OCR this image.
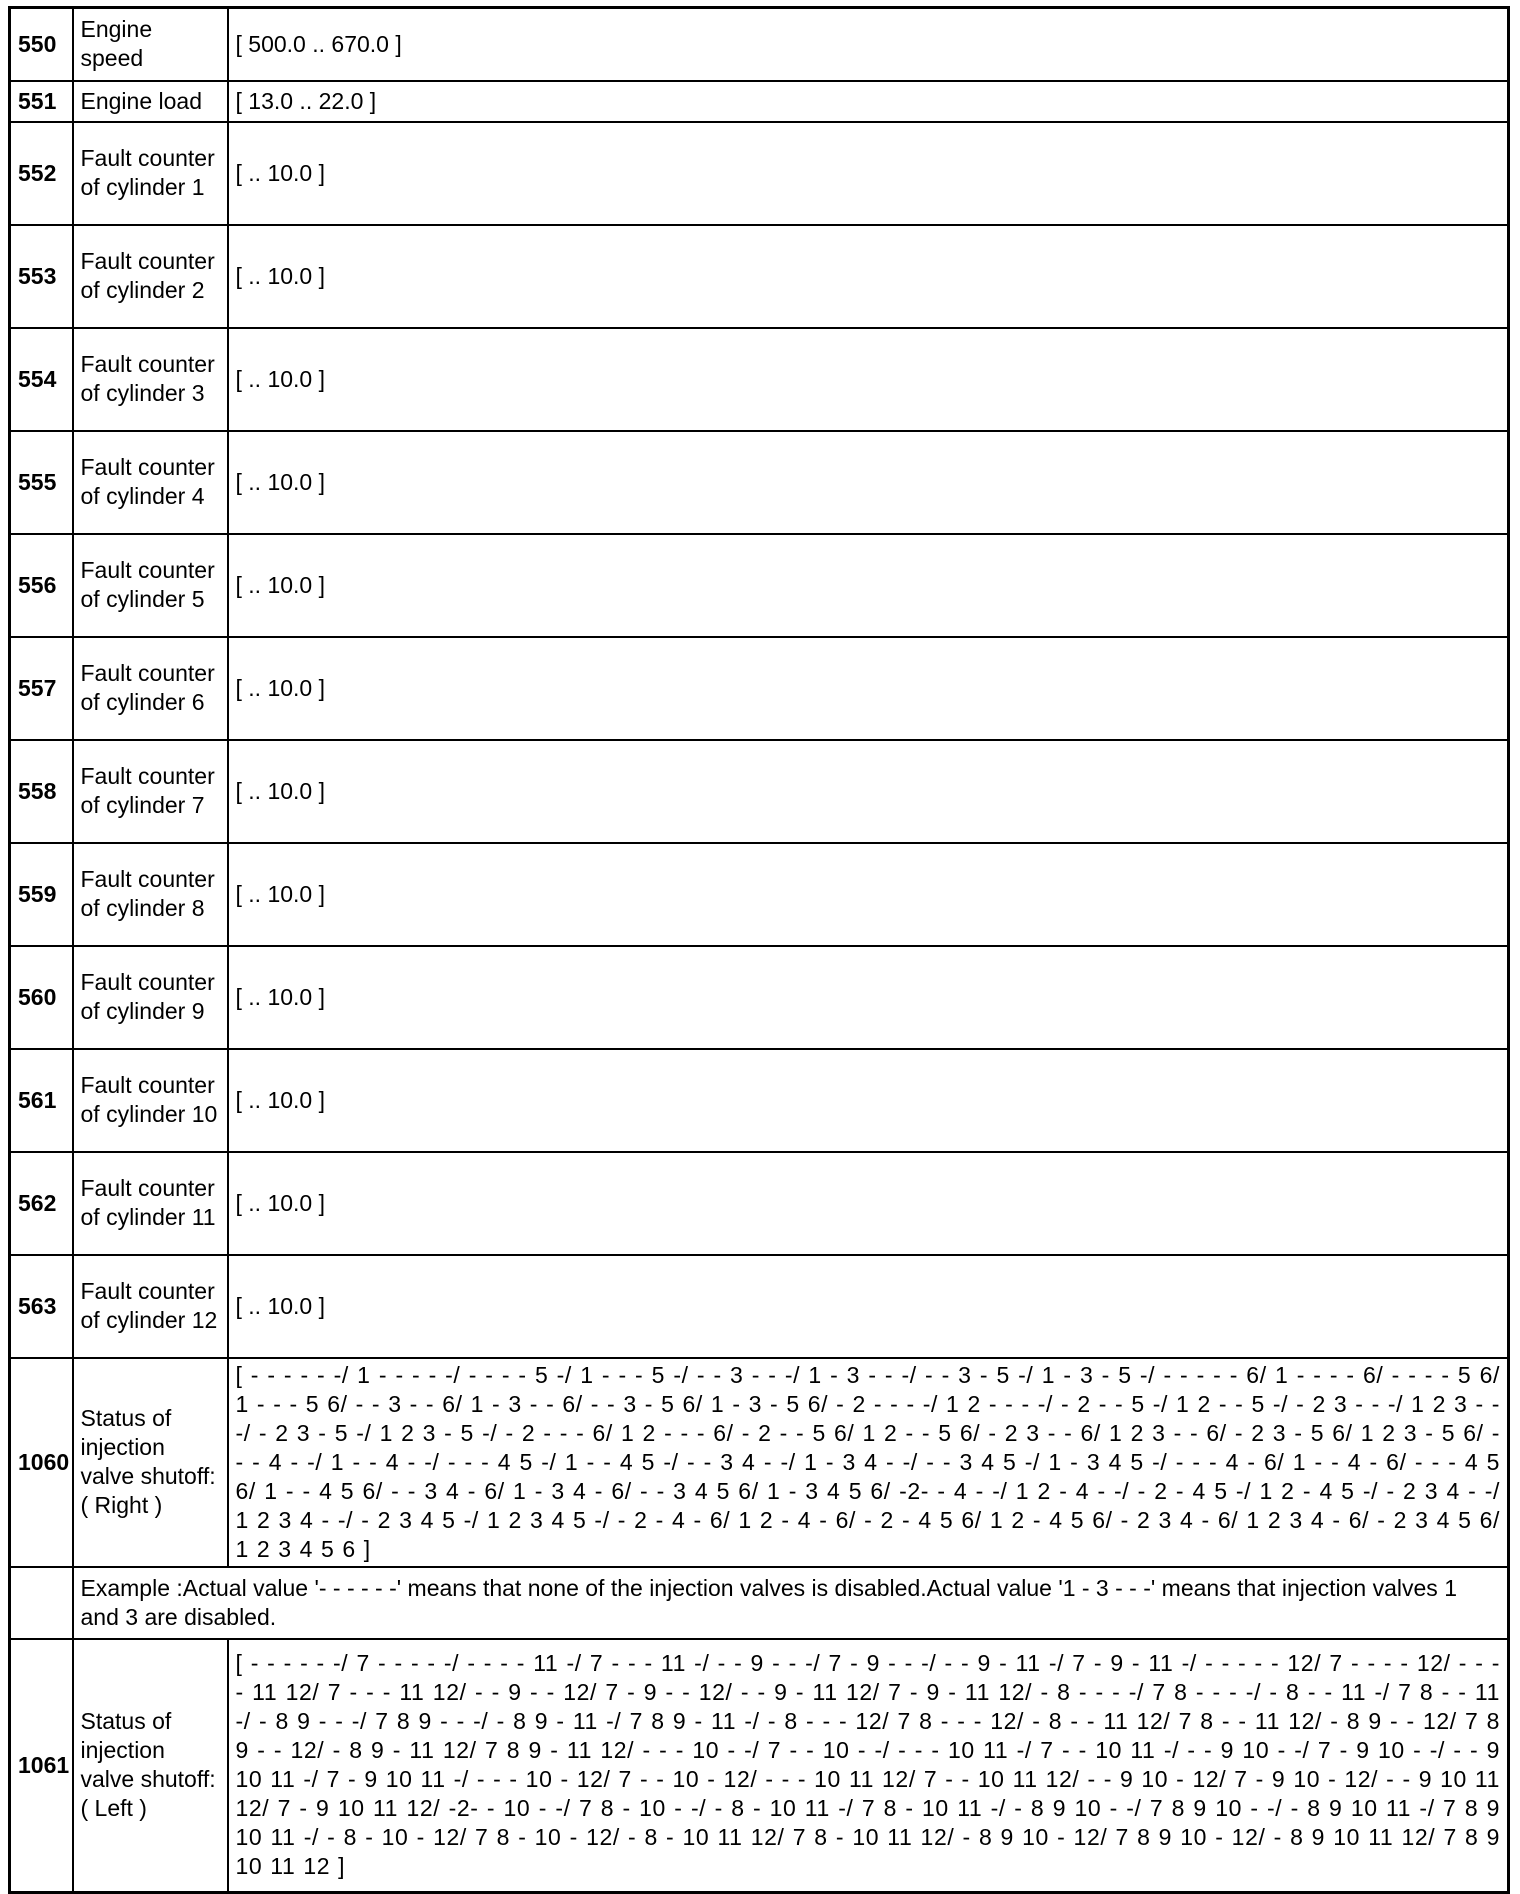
550	Engine speed	[ 500.0 .. 670.0 ]
551	Engine load	[ 13.0 .. 22.0 ]
552	Fault counter of cylinder 1	[ .. 10.0 ]
553	Fault counter of cylinder 2	[ .. 10.0 ]
554	Fault counter of cylinder 3	[ .. 10.0 ]
555	Fault counter of cylinder 4	[ .. 10.0 ]
556	Fault counter of cylinder 5	[ .. 10.0 ]
557	Fault counter of cylinder 6	[ .. 10.0 ]
558	Fault counter of cylinder 7	[ .. 10.0 ]
559	Fault counter of cylinder 8	[ .. 10.0 ]
560	Fault counter of cylinder 9	[ .. 10.0 ]
561	Fault counter of cylinder 10	[ .. 10.0 ]
562	Fault counter of cylinder 11	[ .. 10.0 ]
563	Fault counter of cylinder 12	[ .. 10.0 ]
1060	Status of injection valve shutoff: ( Right )	[ - - - - - -/ 1 - - - - -/ - - - - 5 -/ 1 - - - 5 -/ - - 3 - - -/ 1 - 3 - - -/ - - 3 - 5 -/ 1 - 3 - 5 -/ - - - - - 6/ 1 - - - - 6/ - - - - 5 6/ 1 - - - 5 6/ - - 3 - - 6/ 1 - 3 - - 6/ - - 3 - 5 6/ 1 - 3 - 5 6/ - 2 - - - -/ 1 2 - - - -/ - 2 - - 5 -/ 1 2 - - 5 -/ - 2 3 - - -/ 1 2 3 - - -/ - 2 3 - 5 -/ 1 2 3 - 5 -/ - 2 - - - 6/ 1 2 - - - 6/ - 2 - - 5 6/ 1 2 - - 5 6/ - 2 3 - - 6/ 1 2 3 - - 6/ - 2 3 - 5 6/ 1 2 3 - 5 6/ - - - 4 - -/ 1 - - 4 - -/ - - - 4 5 -/ 1 - - 4 5 -/ - - 3 4 - -/ 1 - 3 4 - -/ - - 3 4 5 -/ 1 - 3 4 5 -/ - - - 4 - 6/ 1 - - 4 - 6/ - - - 4 5 6/ 1 - - 4 5 6/ - - 3 4 - 6/ 1 - 3 4 - 6/ - - 3 4 5 6/ 1 - 3 4 5 6/ -2- - 4 - -/ 1 2 - 4 - -/ - 2 - 4 5 -/ 1 2 - 4 5 -/ - 2 3 4 - -/ 1 2 3 4 - -/ - 2 3 4 5 -/ 1 2 3 4 5 -/ - 2 - 4 - 6/ 1 2 - 4 - 6/ - 2 - 4 5 6/ 1 2 - 4 5 6/ - 2 3 4 - 6/ 1 2 3 4 - 6/ - 2 3 4 5 6/ 1 2 3 4 5 6 ]
	Example :Actual value '- - - - - -' means that none of the injection valves is disabled.Actual value '1 - 3 - - -' means that injection valves 1 and 3 are disabled.	
1061	Status of injection valve shutoff: ( Left )	[ - - - - - -/ 7 - - - - -/ - - - - 11 -/ 7 - - - 11 -/ - - 9 - - -/ 7 - 9 - - -/ - - 9 - 11 -/ 7 - 9 - 11 -/ - - - - - 12/ 7 - - - - 12/ - - - - 11 12/ 7 - - - 11 12/ - - 9 - - 12/ 7 - 9 - - 12/ - - 9 - 11 12/ 7 - 9 - 11 12/ - 8 - - - -/ 7 8 - - - -/ - 8 - - 11 -/ 7 8 - - 11 -/ - 8 9 - - -/ 7 8 9 - - -/ - 8 9 - 11 -/ 7 8 9 - 11 -/ - 8 - - - 12/ 7 8 - - - 12/ - 8 - - 11 12/ 7 8 - - 11 12/ - 8 9 - - 12/ 7 8 9 - - 12/ - 8 9 - 11 12/ 7 8 9 - 11 12/ - - - 10 - -/ 7 - - 10 - -/ - - - 10 11 -/ 7 - - 10 11 -/ - - 9 10 - -/ 7 - 9 10 - -/ - - 9 10 11 -/ 7 - 9 10 11 -/ - - - 10 - 12/ 7 - - 10 - 12/ - - - 10 11 12/ 7 - - 10 11 12/ - - 9 10 - 12/ 7 - 9 10 - 12/ - - 9 10 11 12/ 7 - 9 10 11 12/ -2- - 10 - -/ 7 8 - 10 - -/ - 8 - 10 11 -/ 7 8 - 10 11 -/ - 8 9 10 - -/ 7 8 9 10 - -/ - 8 9 10 11 -/ 7 8 9 10 11 -/ - 8 - 10 - 12/ 7 8 - 10 - 12/ - 8 - 10 11 12/ 7 8 - 10 11 12/ - 8 9 10 - 12/ 7 8 9 10 - 12/ - 8 9 10 11 12/ 7 8 9 10 11 12 ]
